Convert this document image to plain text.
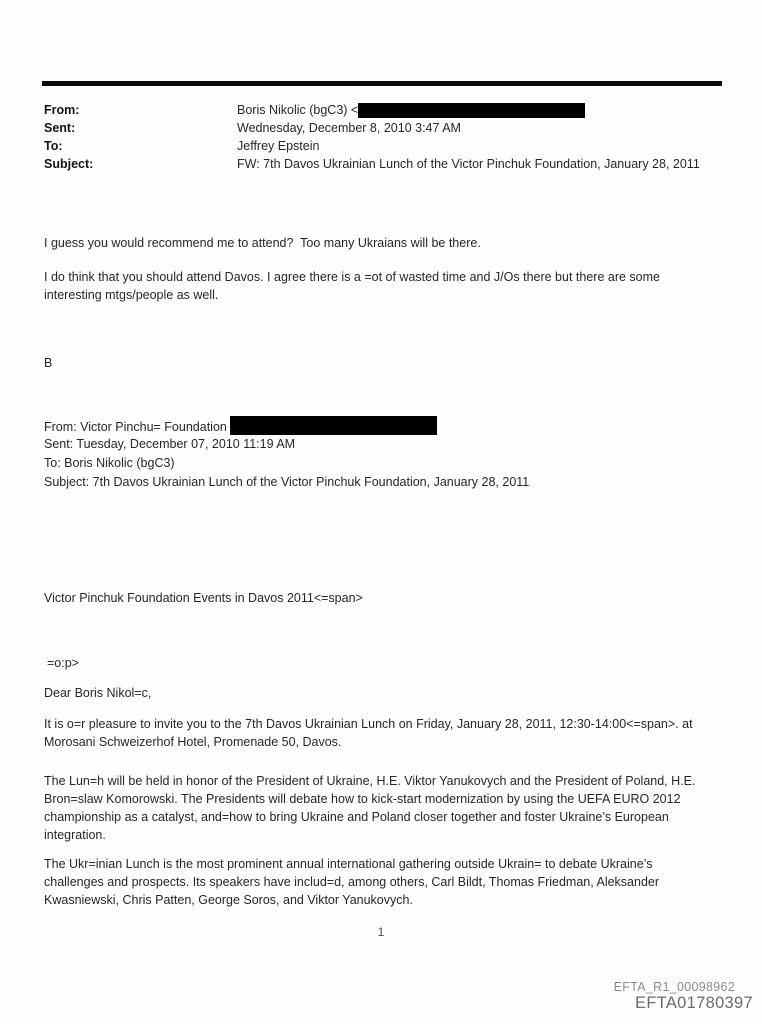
From:	Boris Nikolic (bgC3) <
Sent:	Wednesday, December 8, 2010 3:47 AM
To:	Jeffrey Epstein
Subject:	FW: 7th Davos Ukrainian Lunch of the Victor Pinchuk Foundation, January 28, 2011
I guess you would recommend me to attend?  Too many Ukraians will be there.
I do think that you should attend Davos. I agree there is a =ot of wasted time and J/Os there but there are some
interesting mtgs/people as well.
B
From: Victor Pinchu= Foundation
Sent: Tuesday, December 07, 2010 11:19 AM
To: Boris Nikolic (bgC3)
Subject: 7th Davos Ukrainian Lunch of the Victor Pinchuk Foundation, January 28, 2011
Victor Pinchuk Foundation Events in Davos 2011<=span>
=o:p>
Dear Boris Nikol=c,
It is o=r pleasure to invite you to the 7th Davos Ukrainian Lunch on Friday, January 28, 2011, 12:30-14:00<=span>. at
Morosani Schweizerhof Hotel, Promenade 50, Davos.
The Lun=h will be held in honor of the President of Ukraine, H.E. Viktor Yanukovych and the President of Poland, H.E.
Bron=slaw Komorowski. The Presidents will debate how to kick-start modernization by using the UEFA EURO 2012
championship as a catalyst, and=how to bring Ukraine and Poland closer together and foster Ukraine’s European
integration.
The Ukr=inian Lunch is the most prominent annual international gathering outside Ukrain= to debate Ukraine’s
challenges and prospects. Its speakers have includ=d, among others, Carl Bildt, Thomas Friedman, Aleksander
Kwasniewski, Chris Patten, George Soros, and Viktor Yanukovych.
1
EFTA_R1_00098962
EFTA01780397
